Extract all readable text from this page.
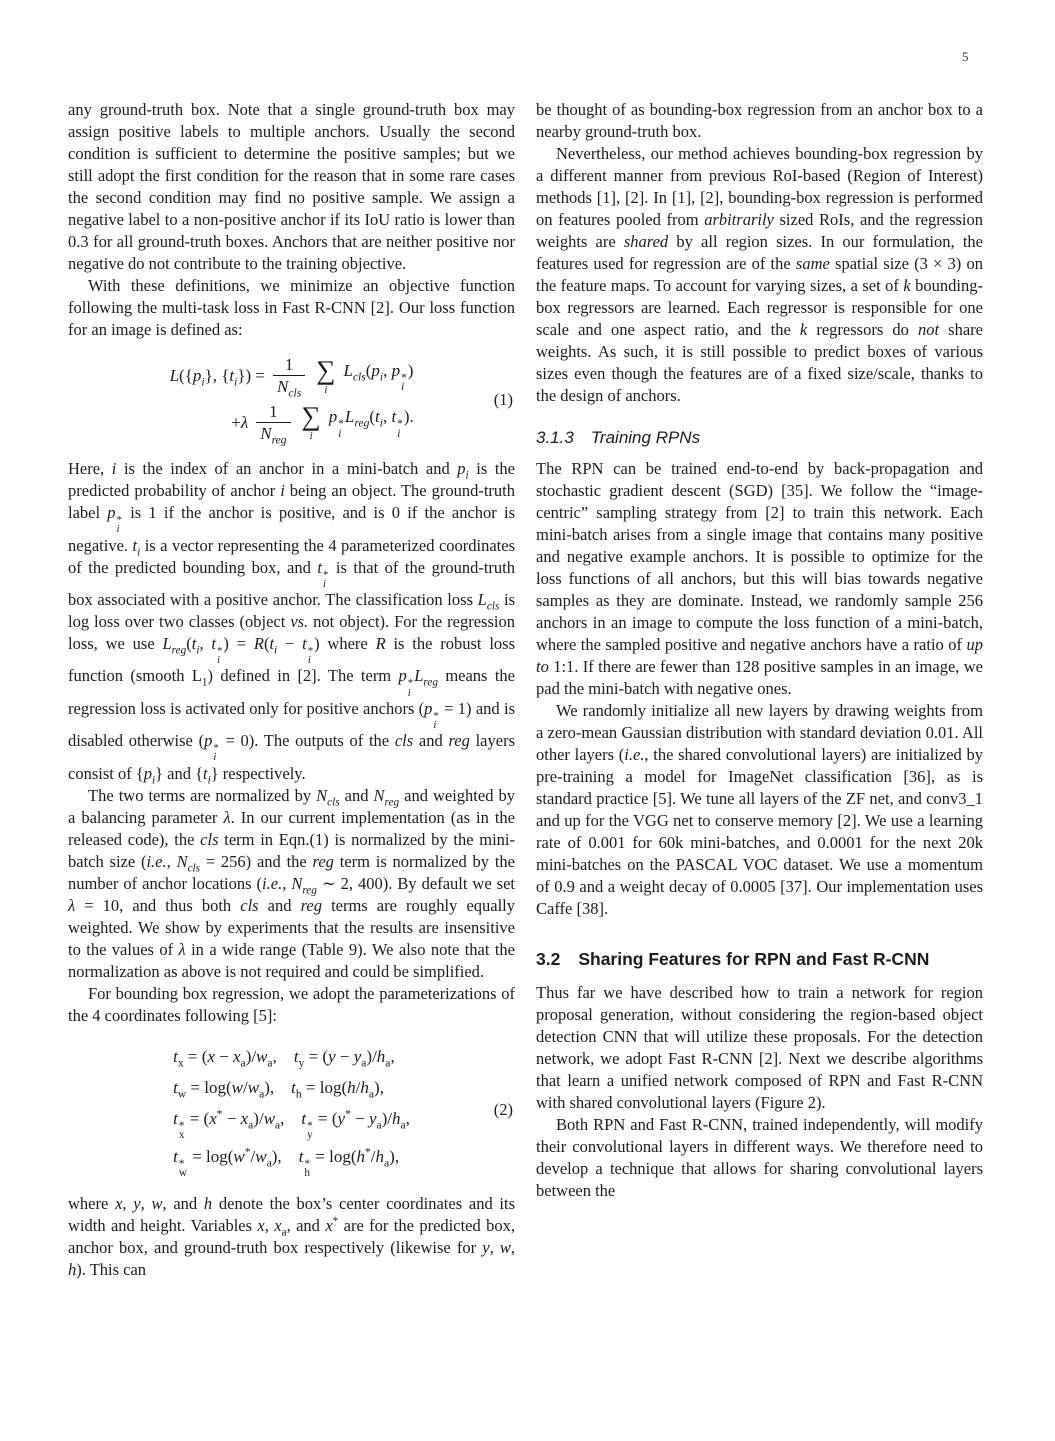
5

any ground-truth box. Note that a single ground-truth box may assign positive labels to multiple anchors. Usually the second condition is sufficient to determine the positive samples; but we still adopt the first condition for the reason that in some rare cases the second condition may find no positive sample. We assign a negative label to a non-positive anchor if its IoU ratio is lower than 0.3 for all ground-truth boxes. Anchors that are neither positive nor negative do not contribute to the training objective.

With these definitions, we minimize an objective function following the multi-task loss in Fast R-CNN [2]. Our loss function for an image is defined as:

$L(\{p_i\}$, $\{t_i\}) = \frac{1}{N_{cls}}$ ∑
i
$L_{cls}(p_i$, p *
i
)
$+\lambda \frac{1}{N_{reg}}$ ∑
i
p *
i
$L_{reg}(t_i$, t *
i
).
(1)

Here, i is the index of an anchor in a mini-batch and $p_i$ is the predicted probability of anchor i being an object. The ground-truth label p *
i
is 1 if the anchor is positive, and is 0 if the anchor is negative. $t_i$ is a vector representing the 4 parameterized coordinates of the predicted bounding box, and t *
i
is that of the ground-truth box associated with a positive anchor. The classification loss $L_{cls}$ is log loss over two classes (object vs. not object). For the regression loss, we use $L_{reg}(t_i$, t *
i
) = $R(t_i - t$ *
i
) where R is the robust loss function (smooth $L_1$) defined in [2]. The term p *
i
$L_{reg}$ means the regression loss is activated only for positive anchors (p *
i
= 1) and is disabled otherwise (p *
i
= 0). The outputs of the cls and reg layers consist of $\{p_i\}$ and $\{t_i\}$ respectively.

The two terms are normalized by $N_{cls}$ and $N_{reg}$ and weighted by a balancing parameter λ. In our current implementation (as in the released code), the cls term in Eqn.(1) is normalized by the mini-batch size (i.e., $N_{cls} = 256$) and the reg term is normalized by the number of anchor locations (i.e., $N_{reg}$ ∼ 2, 400). By default we set λ = 10, and thus both cls and reg terms are roughly equally weighted. We show by experiments that the results are insensitive to the values of λ in a wide range (Table 9). We also note that the normalization as above is not required and could be simplified.

For bounding box regression, we adopt the parameterizations of the 4 coordinates following [5]:

$t_x = (x - x_a)/w_a$,    $t_y = (y - y_a)/h_a$,
$t_w = \log(w/w_a)$,    $t_h = \log(h/h_a)$,
t *
x
= $(x^* - x_a)/w_a$,    t *
y
= $(y^* - y_a)/h_a$,
t *
w
= $\log(w^*/w_a)$,    t *
h
= $\log(h^*/h_a)$,
(2)

where x, y, w, and h denote the box’s center coordinates and its width and height. Variables x, $x_a$, and x* are for the predicted box, anchor box, and ground-truth box respectively (likewise for y, w, h). This can

be thought of as bounding-box regression from an anchor box to a nearby ground-truth box.

Nevertheless, our method achieves bounding-box regression by a different manner from previous RoI-based (Region of Interest) methods [1], [2]. In [1], [2], bounding-box regression is performed on features pooled from arbitrarily sized RoIs, and the regression weights are shared by all region sizes. In our formulation, the features used for regression are of the same spatial size (3 × 3) on the feature maps. To account for varying sizes, a set of k bounding-box regressors are learned. Each regressor is responsible for one scale and one aspect ratio, and the k regressors do not share weights. As such, it is still possible to predict boxes of various sizes even though the features are of a fixed size/scale, thanks to the design of anchors.

3.1.3 Training RPNs

The RPN can be trained end-to-end by back-propagation and stochastic gradient descent (SGD) [35]. We follow the “image-centric” sampling strategy from [2] to train this network. Each mini-batch arises from a single image that contains many positive and negative example anchors. It is possible to optimize for the loss functions of all anchors, but this will bias towards negative samples as they are dominate. Instead, we randomly sample 256 anchors in an image to compute the loss function of a mini-batch, where the sampled positive and negative anchors have a ratio of up to 1:1. If there are fewer than 128 positive samples in an image, we pad the mini-batch with negative ones.

We randomly initialize all new layers by drawing weights from a zero-mean Gaussian distribution with standard deviation 0.01. All other layers (i.e., the shared convolutional layers) are initialized by pre-training a model for ImageNet classification [36], as is standard practice [5]. We tune all layers of the ZF net, and conv3_1 and up for the VGG net to conserve memory [2]. We use a learning rate of 0.001 for 60k mini-batches, and 0.0001 for the next 20k mini-batches on the PASCAL VOC dataset. We use a momentum of 0.9 and a weight decay of 0.0005 [37]. Our implementation uses Caffe [38].

3.2 Sharing Features for RPN and Fast R-CNN

Thus far we have described how to train a network for region proposal generation, without considering the region-based object detection CNN that will utilize these proposals. For the detection network, we adopt Fast R-CNN [2]. Next we describe algorithms that learn a unified network composed of RPN and Fast R-CNN with shared convolutional layers (Figure 2).

Both RPN and Fast R-CNN, trained independently, will modify their convolutional layers in different ways. We therefore need to develop a technique that allows for sharing convolutional layers between the
